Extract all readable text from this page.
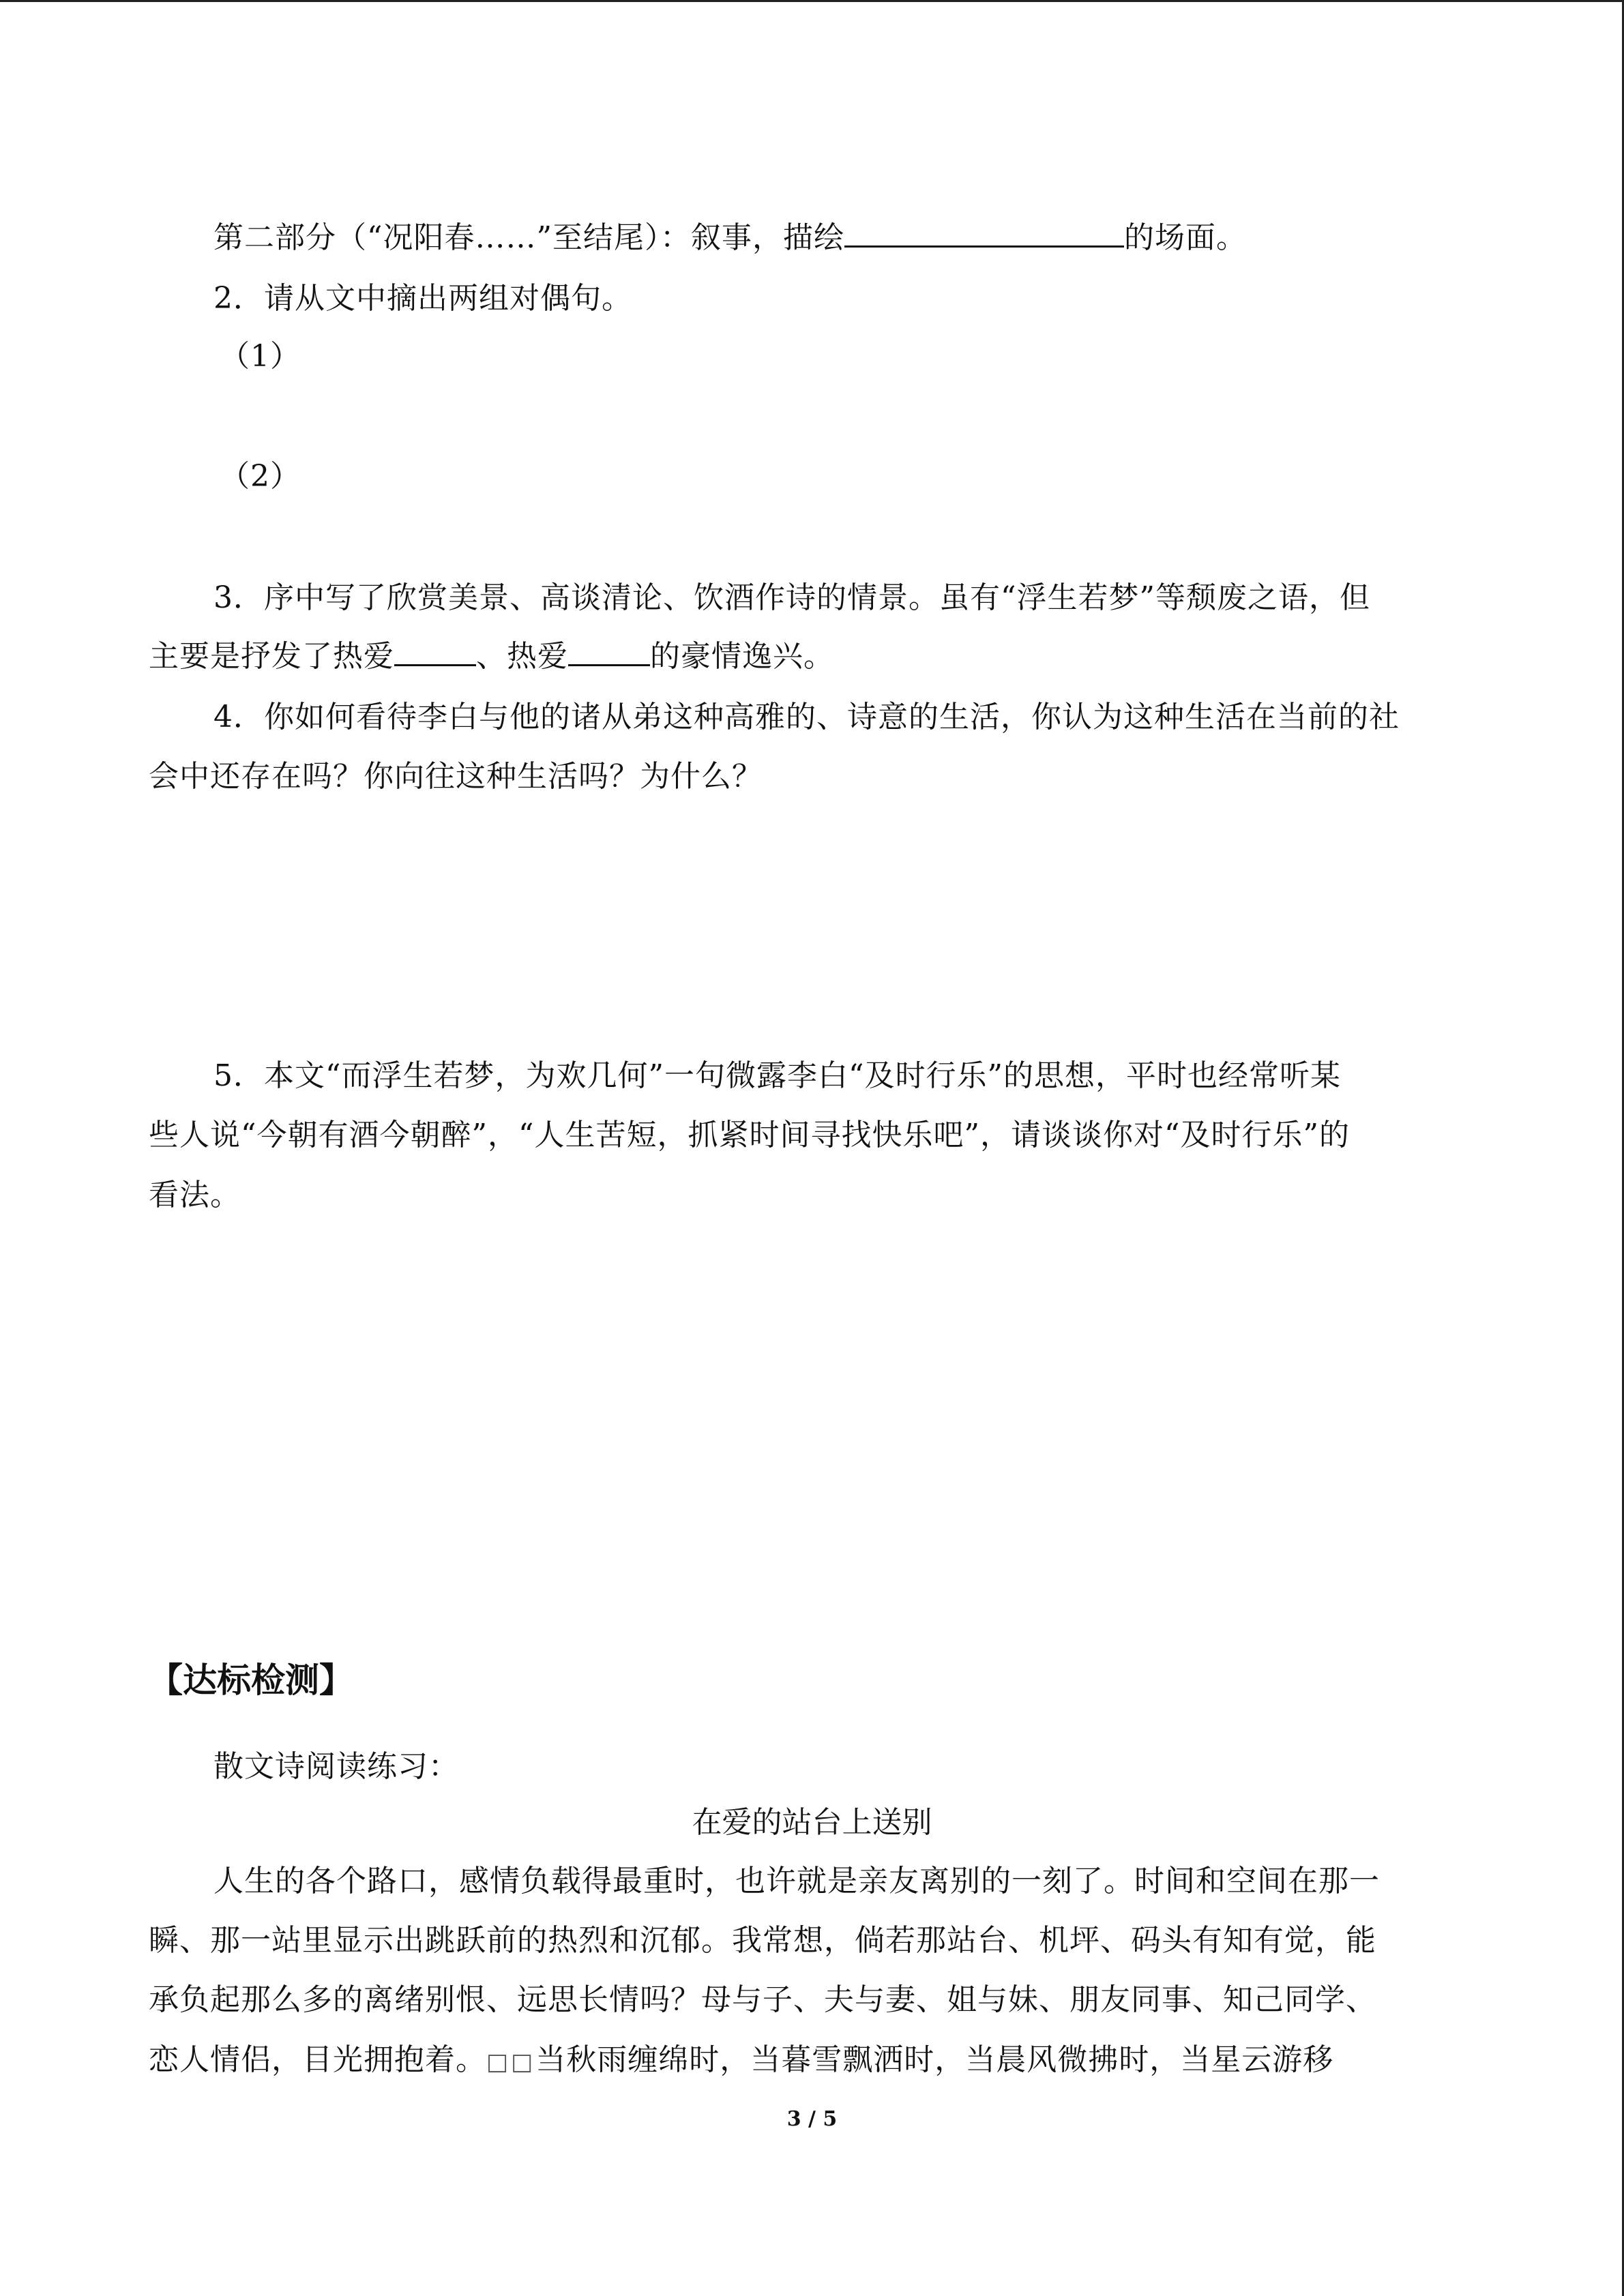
第二部分（“况阳春……”至结尾）：叙事，描绘	的场面。

2．请从文中摘出两组对偶句。

（1）

（2）

3．序中写了欣赏美景、高谈清论、饮酒作诗的情景。虽有“浮生若梦”等颓废之语，但

主要是抒发了热爱	、热爱	的豪情逸兴。

4．你如何看待李白与他的诸从弟这种高雅的、诗意的生活，你认为这种生活在当前的社

会中还存在吗？你向往这种生活吗？为什么？

5．本文“而浮生若梦，为欢几何”一句微露李白“及时行乐”的思想，平时也经常听某

些人说“今朝有酒今朝醉”，“人生苦短，抓紧时间寻找快乐吧”，请谈谈你对“及时行乐”的

看法。

【达标检测】

散文诗阅读练习：

在爱的站台上送别

人生的各个路口，感情负载得最重时，也许就是亲友离别的一刻了。时间和空间在那一

瞬、那一站里显示出跳跃前的热烈和沉郁。我常想，倘若那站台、机坪、码头有知有觉，能

承负起那么多的离绪别恨、远思长情吗？母与子、夫与妻、姐与妹、朋友同事、知己同学、

恋人情侣，目光拥抱着。□□当秋雨缠绵时，当暮雪飘洒时，当晨风微拂时，当星云游移

3 / 5
